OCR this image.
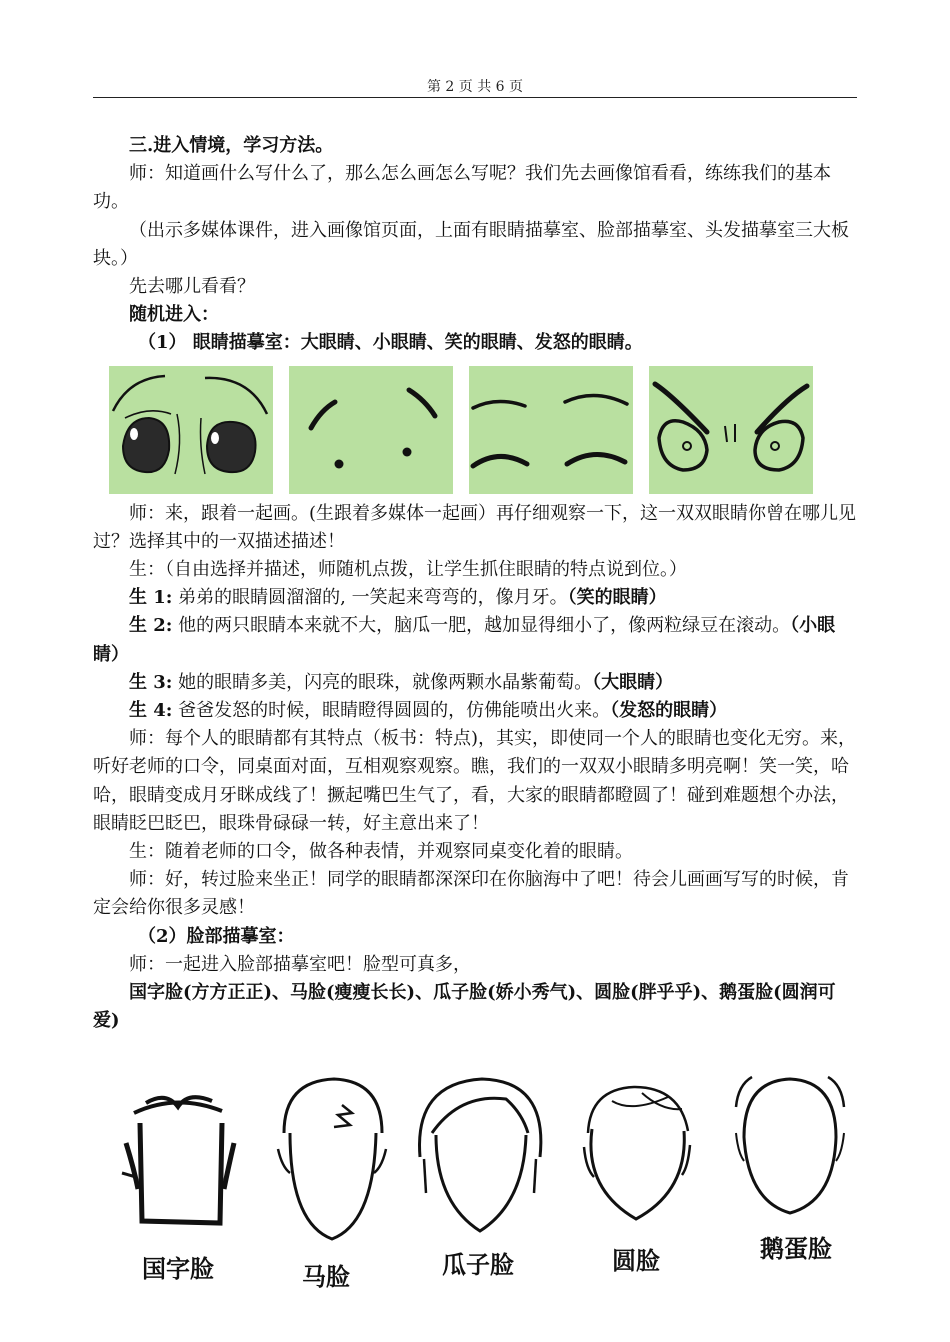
第 2 页 共 6 页

三.进入情境，学习方法。

师：知道画什么写什么了，那么怎么画怎么写呢？我们先去画像馆看看，练练我们的基本功。

（出示多媒体课件，进入画像馆页面，上面有眼睛描摹室、脸部描摹室、头发描摹室三大板块。）

先去哪儿看看？

随机进入：

（1） 眼睛描摹室：大眼睛、小眼睛、笑的眼睛、发怒的眼睛。

师：来，跟着一起画。(生跟着多媒体一起画）再仔细观察一下，这一双双眼睛你曾在哪儿见过？选择其中的一双描述描述！

生：（自由选择并描述，师随机点拨，让学生抓住眼睛的特点说到位。）

生 1: 弟弟的眼睛圆溜溜的, 一笑起来弯弯的，像月牙。（笑的眼睛）

生 2: 他的两只眼睛本来就不大，脑瓜一肥，越加显得细小了，像两粒绿豆在滚动。（小眼睛）

生 3: 她的眼睛多美，闪亮的眼珠，就像两颗水晶紫葡萄。（大眼睛）

生 4: 爸爸发怒的时候，眼睛瞪得圆圆的，仿佛能喷出火来。（发怒的眼睛）

师：每个人的眼睛都有其特点（板书：特点)，其实，即使同一个人的眼睛也变化无穷。来，听好老师的口令，同桌面对面，互相观察观察。瞧，我们的一双双小眼睛多明亮啊！笑一笑，哈哈，眼睛变成月牙眯成线了！撅起嘴巴生气了，看，大家的眼睛都瞪圆了！碰到难题想个办法，眼睛眨巴眨巴，眼珠骨碌碌一转，好主意出来了！

生：随着老师的口令，做各种表情，并观察同桌变化着的眼睛。

师：好，转过脸来坐正！同学的眼睛都深深印在你脑海中了吧！待会儿画画写写的时候，肯定会给你很多灵感！

（2）脸部描摹室：

师：一起进入脸部描摹室吧！脸型可真多，

国字脸(方方正正)、马脸(瘦瘦长长)、瓜子脸(娇小秀气)、圆脸(胖乎乎)、鹅蛋脸(圆润可爱)

国字脸	马脸	瓜子脸	圆脸	鹅蛋脸
